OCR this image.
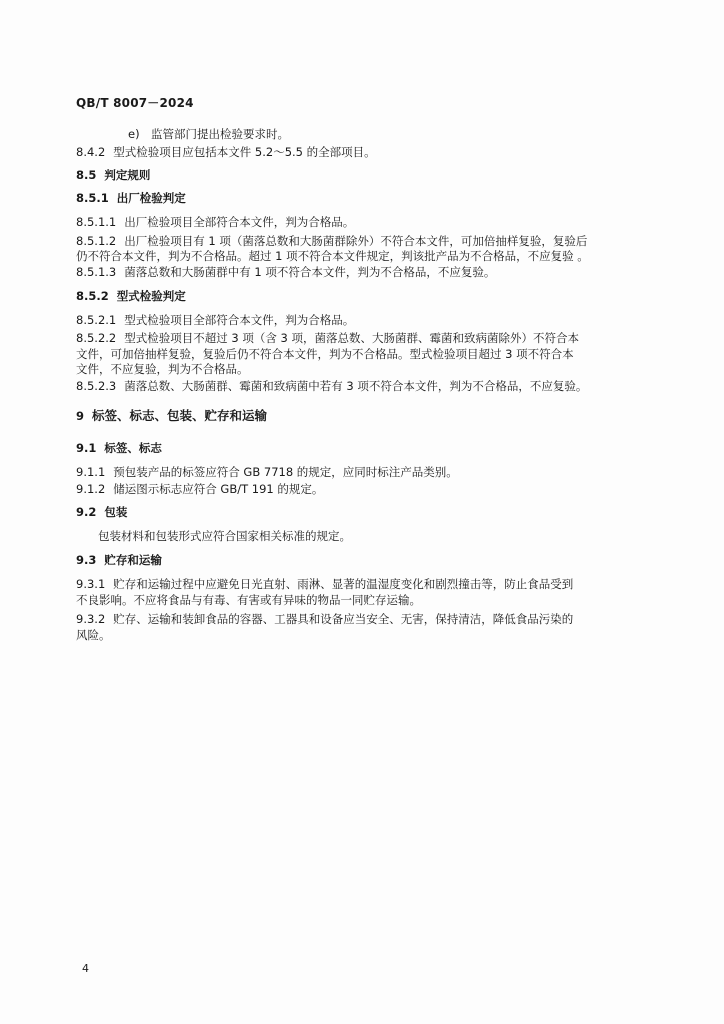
QB/T 8007－2024
e)　监管部门提出检验要求时。
8.4.2 型式检验项目应包括本文件 5.2～5.5 的全部项目。
8.5 判定规则
8.5.1 出厂检验判定
8.5.1.1 出厂检验项目全部符合本文件，判为合格品。
8.5.1.2 出厂检验项目有 1 项（菌落总数和大肠菌群除外）不符合本文件，可加倍抽样复验，复验后
仍不符合本文件，判为不合格品。超过 1 项不符合本文件规定，判该批产品为不合格品，不应复验 。
8.5.1.3 菌落总数和大肠菌群中有 1 项不符合本文件，判为不合格品，不应复验。
8.5.2 型式检验判定
8.5.2.1 型式检验项目全部符合本文件，判为合格品。
8.5.2.2 型式检验项目不超过 3 项（含 3 项，菌落总数、大肠菌群、霉菌和致病菌除外）不符合本
文件，可加倍抽样复验，复验后仍不符合本文件，判为不合格品。型式检验项目超过 3 项不符合本
文件，不应复验，判为不合格品。
8.5.2.3 菌落总数、大肠菌群、霉菌和致病菌中若有 3 项不符合本文件，判为不合格品，不应复验。
9 标签、标志、包装、贮存和运输
9.1 标签、标志
9.1.1 预包装产品的标签应符合 GB 7718 的规定，应同时标注产品类别。
9.1.2 储运图示标志应符合 GB/T 191 的规定。
9.2 包装
包装材料和包装形式应符合国家相关标准的规定。
9.3 贮存和运输
9.3.1 贮存和运输过程中应避免日光直射、雨淋、显著的温湿度变化和剧烈撞击等，防止食品受到
不良影响。不应将食品与有毒、有害或有异味的物品一同贮存运输。
9.3.2 贮存、运输和装卸食品的容器、工器具和设备应当安全、无害，保持清洁，降低食品污染的
风险。
4
